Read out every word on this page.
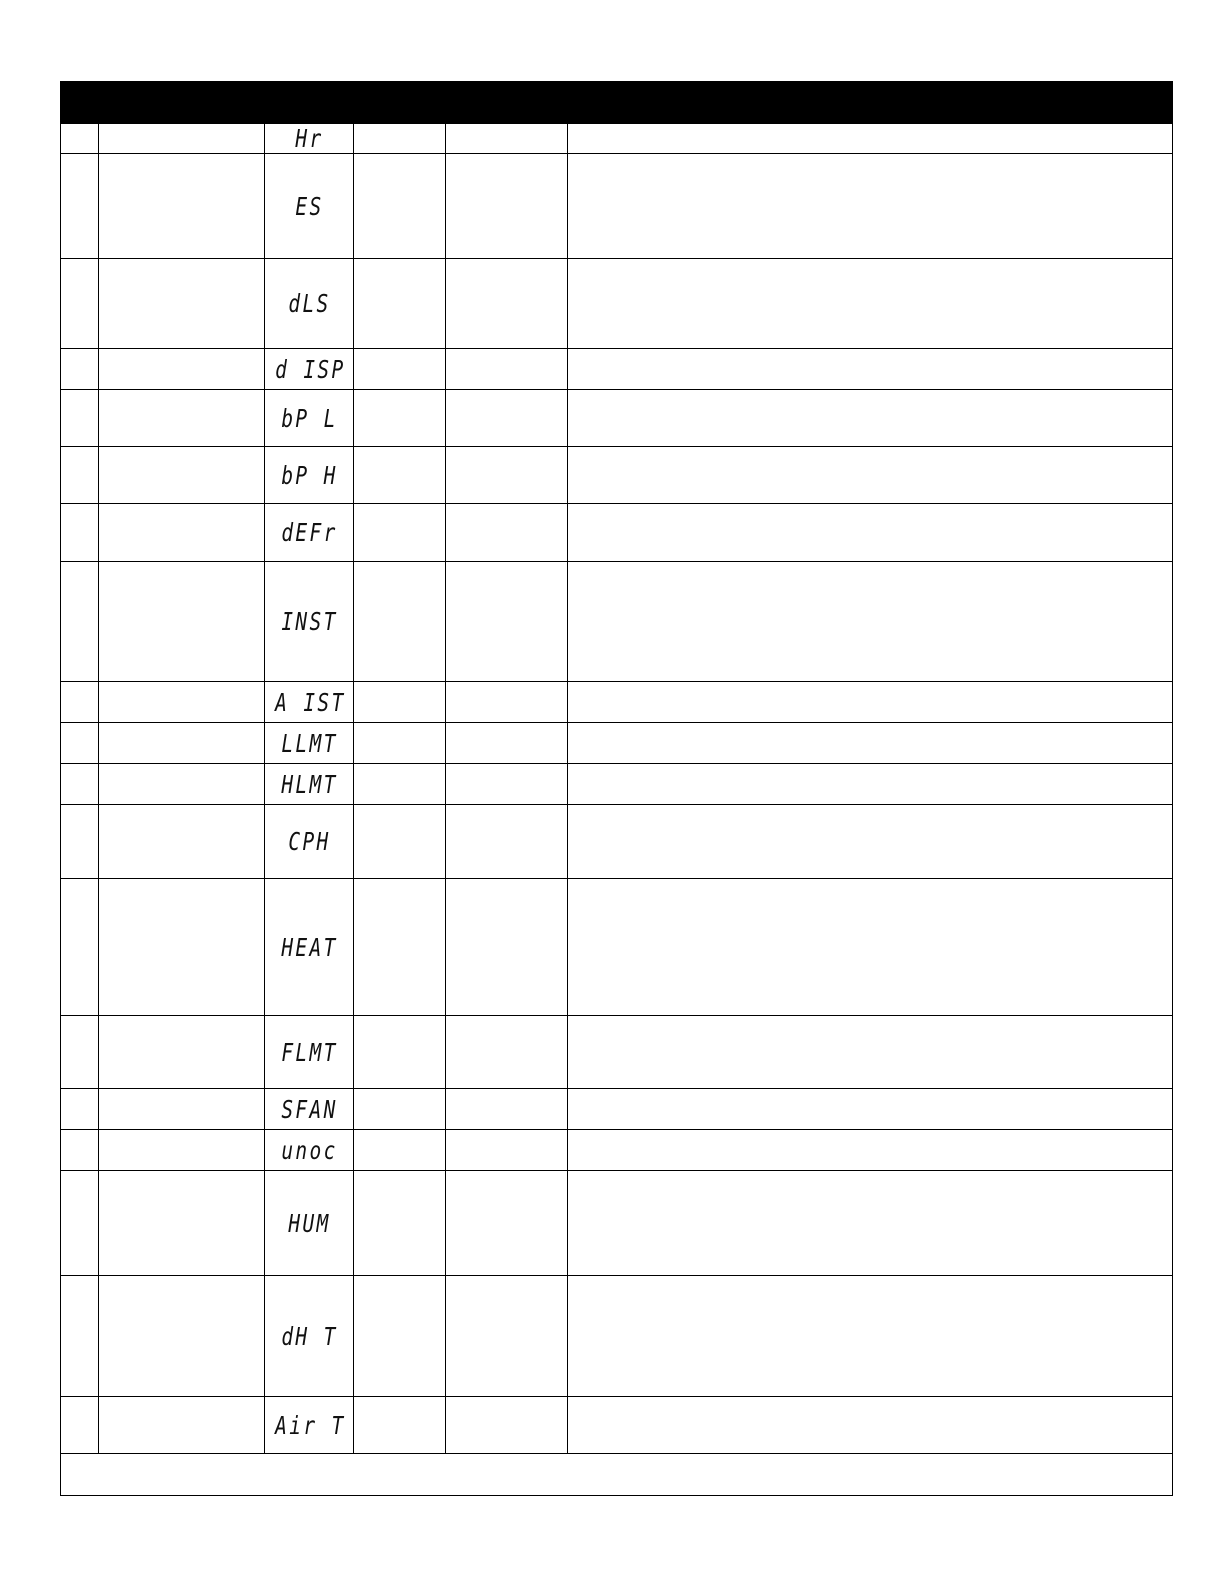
		Hr			
		ES			
		dLS			
		d ISP			
		bP L			
		bP H			
		dEFr			
		INST			
		A IST			
		LLMT			
		HLMT			
		CPH			
		HEAT			
		FLMT			
		SFAN			
		unoc			
		HUM			
		dH T			
		Air T			
